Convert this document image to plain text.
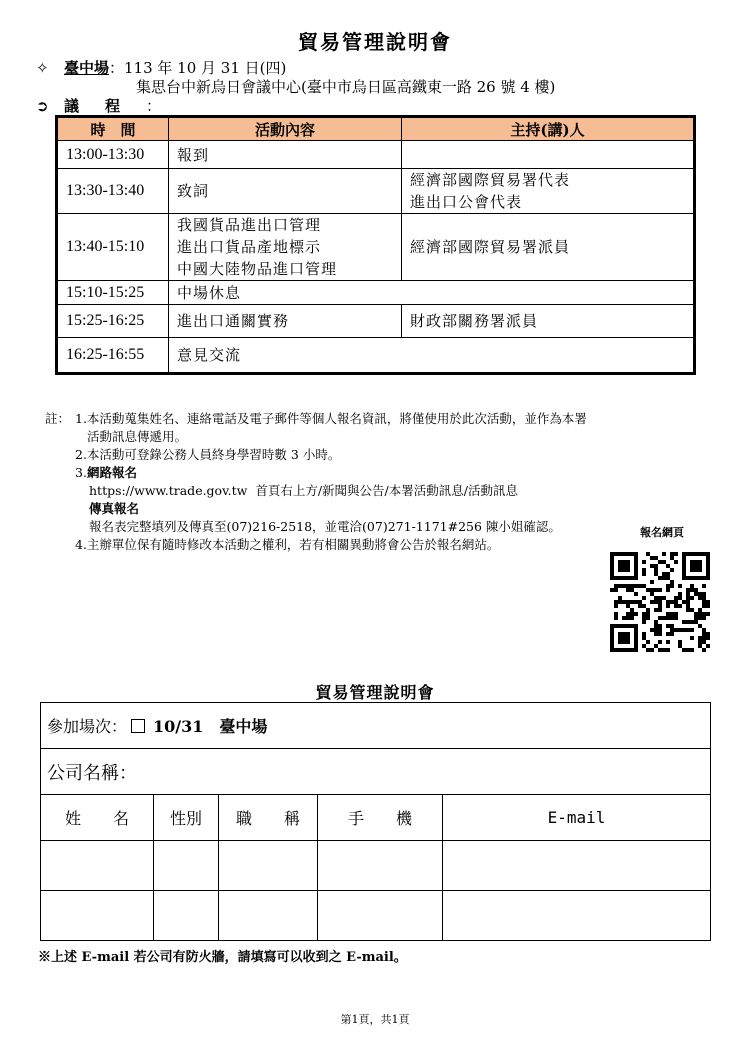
貿易管理說明會
✧ 臺中場：113 年 10 月 31 日(四)
集思台中新烏日會議中心(臺中市烏日區高鐵東一路 26 號 4 樓)
➲ 議程：
時　間	活動內容	主持(講)人
13:00-13:30	報到	

13:30-13:40	致詞	經濟部國際貿易署代表
進出口公會代表

13:40-15:10	我國貨品進出口管理
進出口貨品產地標示
中國大陸物品進口管理	經濟部國際貿易署派員

15:10-15:25	中場休息	

15:25-16:25	進出口通關實務	財政部關務署派員

16:25-16:55	意見交流	
註： 1.本活動蒐集姓名、連絡電話及電子郵件等個人報名資訊，將僅使用於此次活動，並作為本署
活動訊息傳遞用。
2.本活動可登錄公務人員終身學習時數 3 小時。
3.網路報名
https://www.trade.gov.tw 首頁右上方/新聞與公告/本署活動訊息/活動訊息
傳真報名
報名表完整填列及傳真至(07)216-2518，並電洽(07)271-1171#256 陳小姐確認。
4.主辦單位保有隨時修改本活動之權利，若有相關異動將會公告於報名網站。
報名網頁
貿易管理說明會
參加場次： 10/31　臺中場				
公司名稱：				
姓　　名	性別	職　　稱	手　　機	E-mail

※上述 E-mail 若公司有防火牆，請填寫可以收到之 E-mail。
第1頁，共1頁
